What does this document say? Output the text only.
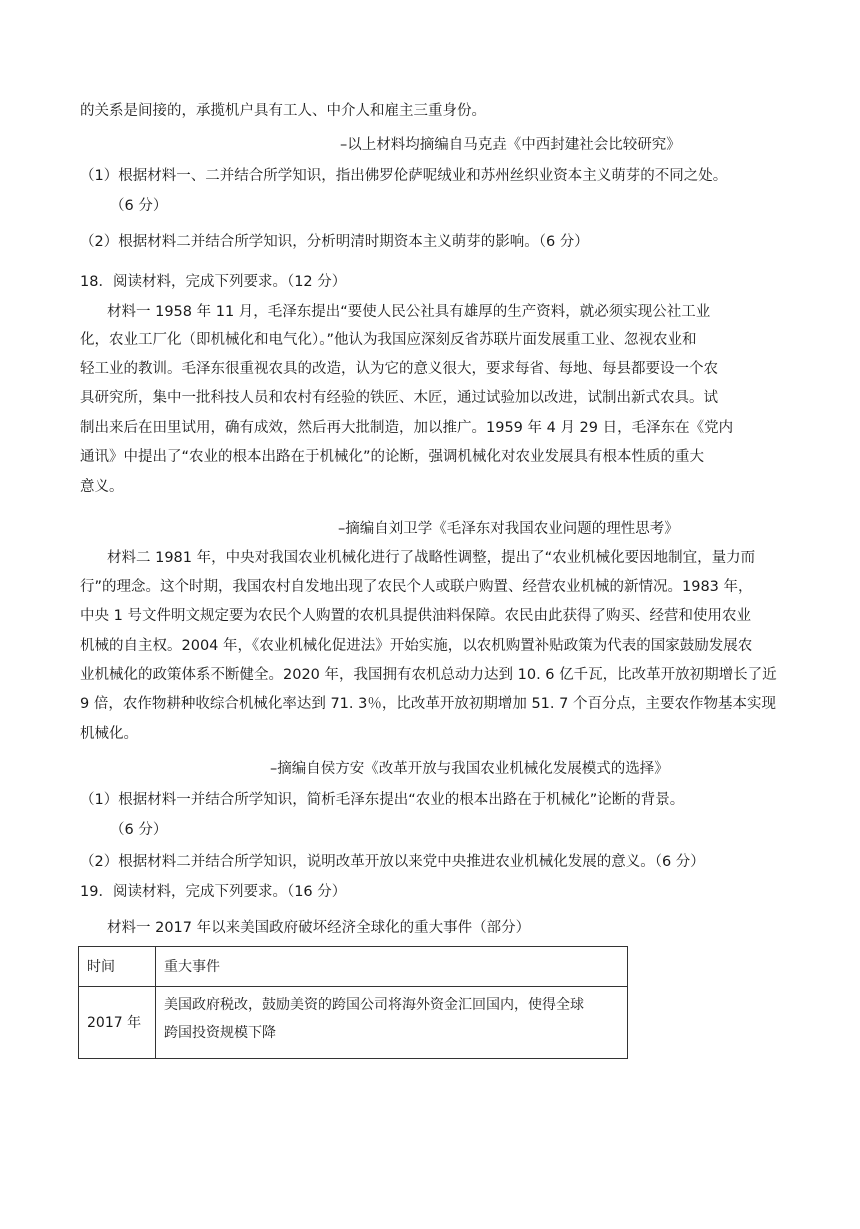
的关系是间接的，承揽机户具有工人、中介人和雇主三重身份。
–以上材料均摘编自马克垚《中西封建社会比较研究》
（1）根据材料一、二并结合所学知识，指出佛罗伦萨呢绒业和苏州丝织业资本主义萌芽的不同之处。
（6 分）
（2）根据材料二并结合所学知识，分析明清时期资本主义萌芽的影响。（6 分）
18．阅读材料，完成下列要求。（12 分）
材料一 1958 年 11 月，毛泽东提出“要使人民公社具有雄厚的生产资料，就必须实现公社工业
化，农业工厂化（即机械化和电气化）。”他认为我国应深刻反省苏联片面发展重工业、忽视农业和
轻工业的教训。毛泽东很重视农具的改造，认为它的意义很大，要求每省、每地、每县都要设一个农
具研究所，集中一批科技人员和农村有经验的铁匠、木匠，通过试验加以改进，试制出新式农具。试
制出来后在田里试用，确有成效，然后再大批制造，加以推广。1959 年 4 月 29 日，毛泽东在《党内
通讯》中提出了“农业的根本出路在于机械化”的论断，强调机械化对农业发展具有根本性质的重大
意义。
–摘编自刘卫学《毛泽东对我国农业问题的理性思考》
材料二 1981 年，中央对我国农业机械化进行了战略性调整，提出了“农业机械化要因地制宜，量力而
行”的理念。这个时期，我国农村自发地出现了农民个人或联户购置、经营农业机械的新情况。1983 年，
中央 1 号文件明文规定要为农民个人购置的农机具提供油料保障。农民由此获得了购买、经营和使用农业
机械的自主权。2004 年，《农业机械化促进法》开始实施，以农机购置补贴政策为代表的国家鼓励发展农
业机械化的政策体系不断健全。2020 年，我国拥有农机总动力达到 10. 6 亿千瓦，比改革开放初期增长了近
9 倍，农作物耕种收综合机械化率达到 71. 3％，比改革开放初期增加 51. 7 个百分点，主要农作物基本实现
机械化。
–摘编自侯方安《改革开放与我国农业机械化发展模式的选择》
（1）根据材料一并结合所学知识，简析毛泽东提出“农业的根本出路在于机械化”论断的背景。
（6 分）
（2）根据材料二并结合所学知识，说明改革开放以来党中央推进农业机械化发展的意义。（6 分）
19．阅读材料，完成下列要求。（16 分）
材料一 2017 年以来美国政府破坏经济全球化的重大事件（部分）
时间	重大事件

2017 年	美国政府税改，鼓励美资的跨国公司将海外资金汇回国内，使得全球
跨国投资规模下降
